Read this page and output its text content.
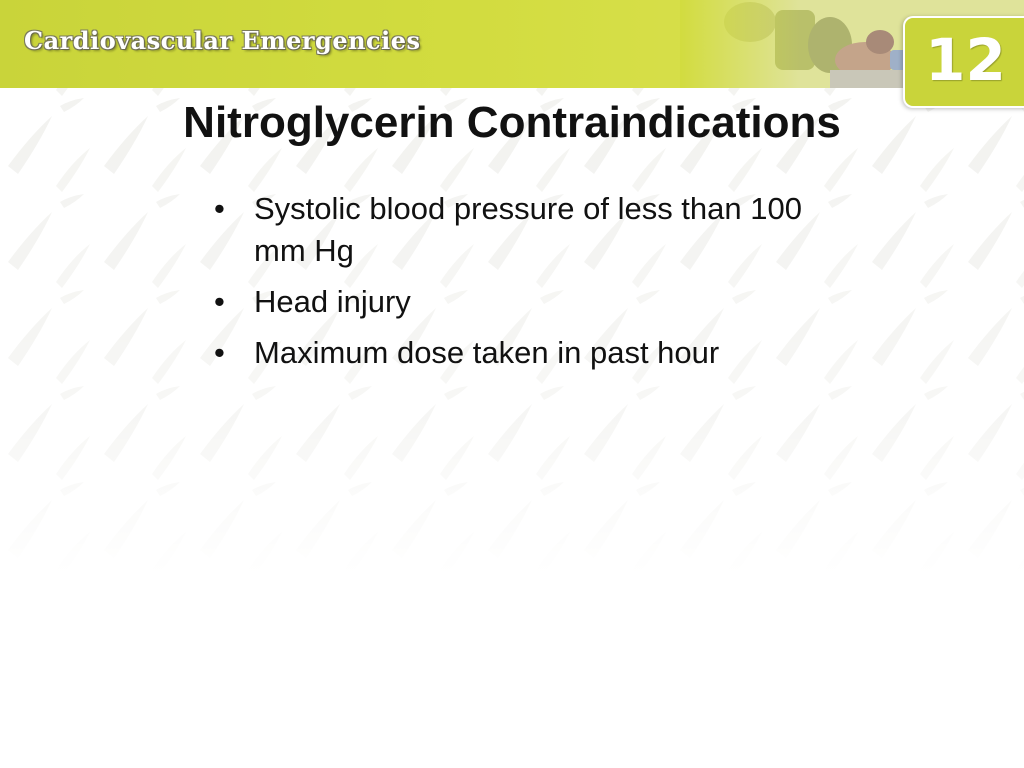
Cardiovascular Emergencies	12
Nitroglycerin Contraindications
• Systolic blood pressure of less than 100 mm Hg
• Head injury
• Maximum dose taken in past hour
